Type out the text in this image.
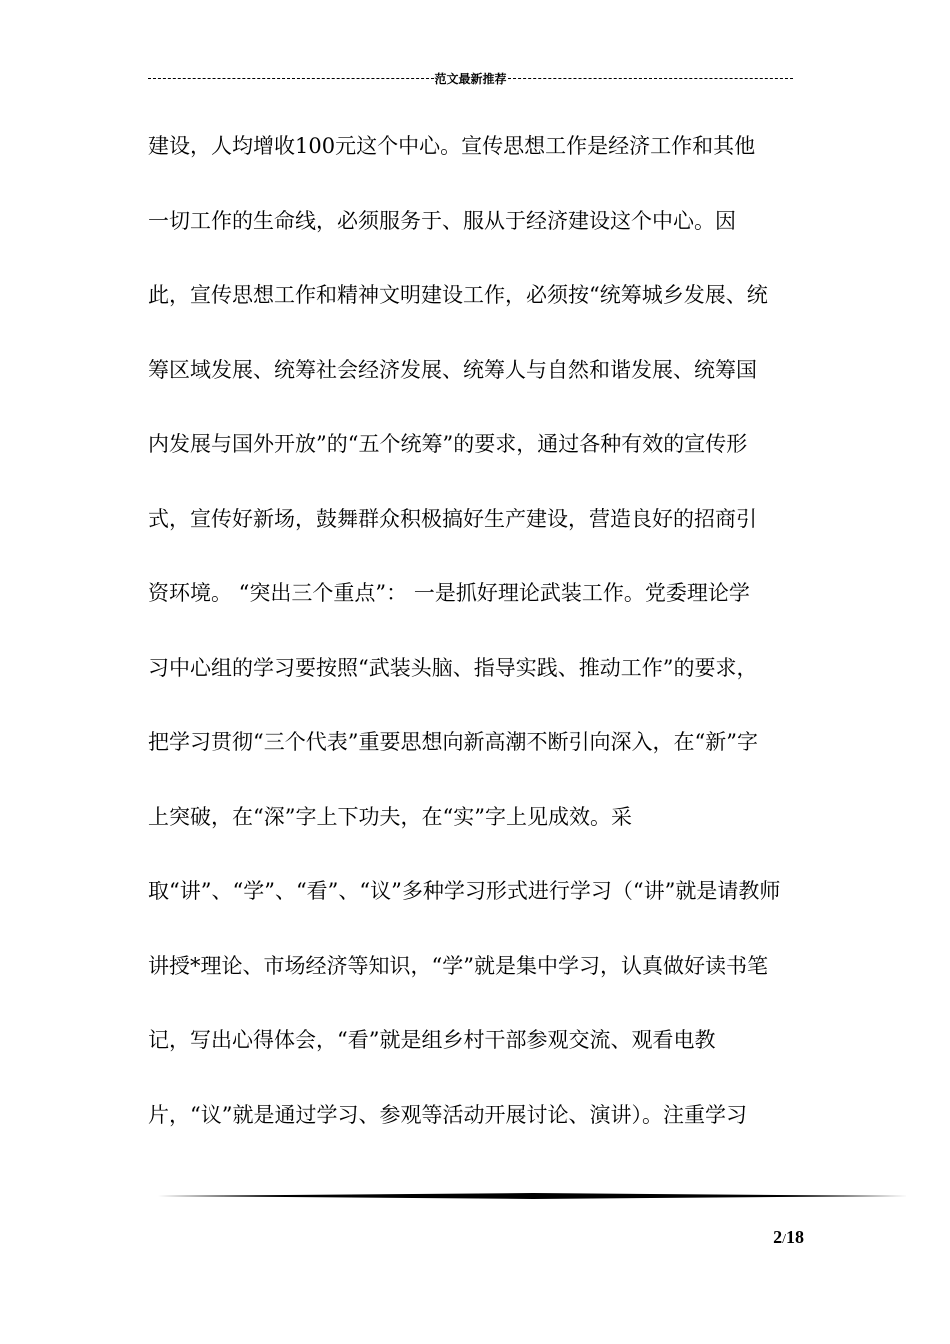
范文最新推荐
建设，人均增收100元这个中心。宣传思想工作是经济工作和其他
一切工作的生命线，必须服务于、服从于经济建设这个中心。因
此，宣传思想工作和精神文明建设工作，必须按“统筹城乡发展、统
筹区域发展、统筹社会经济发展、统筹人与自然和谐发展、统筹国
内发展与国外开放”的“五个统筹”的要求，通过各种有效的宣传形
式，宣传好新场，鼓舞群众积极搞好生产建设，营造良好的招商引
资环境。 “突出三个重点”： 一是抓好理论武装工作。党委理论学
习中心组的学习要按照“武装头脑、指导实践、推动工作”的要求，
把学习贯彻“三个代表”重要思想向新高潮不断引向深入，在“新”字
上突破，在“深”字上下功夫，在“实”字上见成效。采
取“讲”、“学”、“看”、“议”多种学习形式进行学习（“讲”就是请教师
讲授*理论、市场经济等知识，“学”就是集中学习，认真做好读书笔
记，写出心得体会，“看”就是组乡村干部参观交流、观看电教
片，“议”就是通过学习、参观等活动开展讨论、演讲）。注重学习
2/18
